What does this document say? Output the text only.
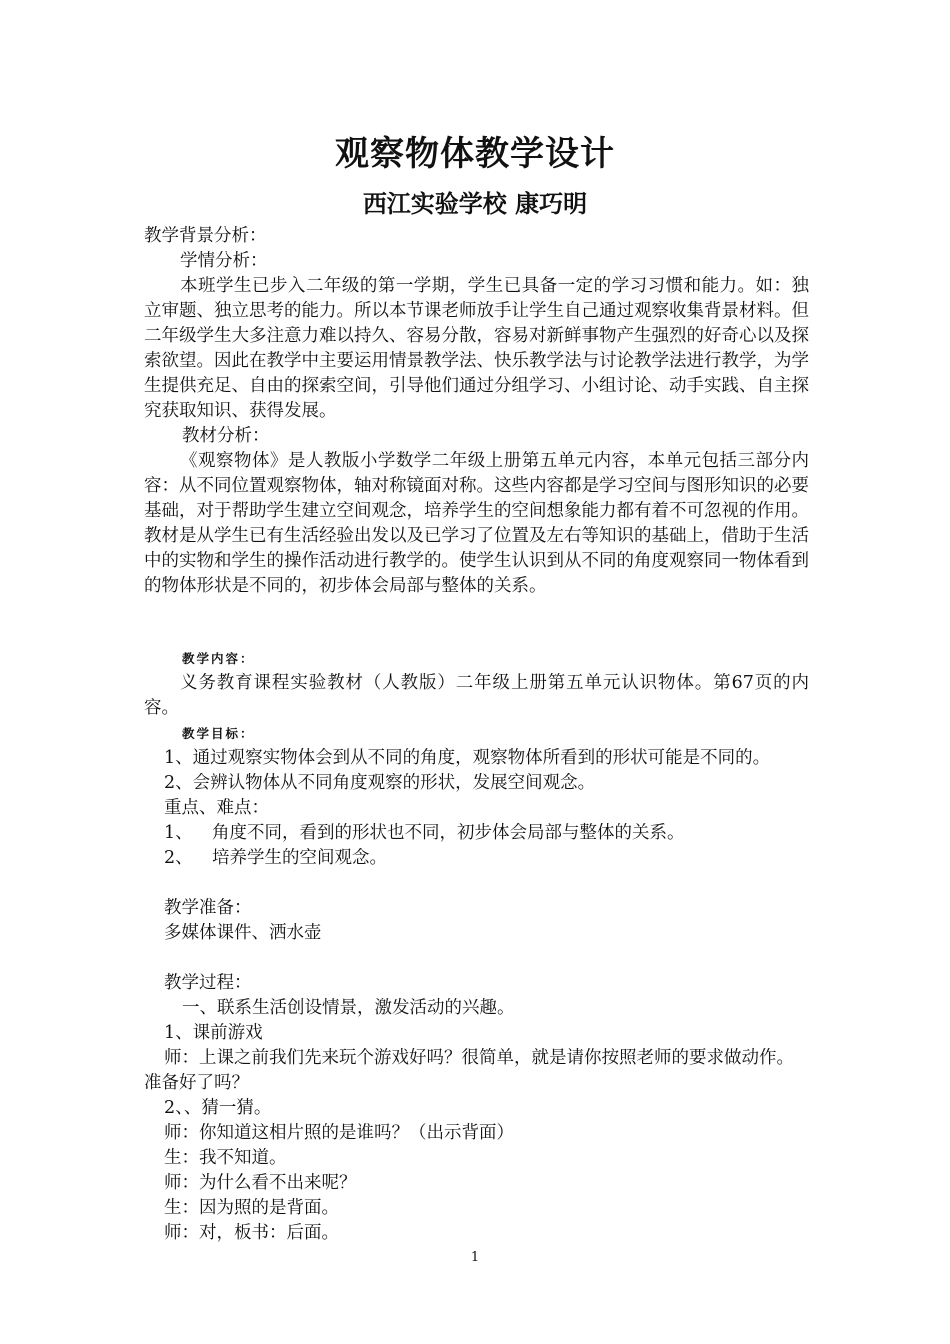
观察物体教学设计
西江实验学校 康巧明

教学背景分析：

学情分析：

本班学生已步入二年级的第一学期，学生已具备一定的学习习惯和能力。如：独立审题、独立思考的能力。所以本节课老师放手让学生自己通过观察收集背景材料。但二年级学生大多注意力难以持久、容易分散，容易对新鲜事物产生强烈的好奇心以及探索欲望。因此在教学中主要运用情景教学法、快乐教学法与讨论教学法进行教学，为学生提供充足、自由的探索空间，引导他们通过分组学习、小组讨论、动手实践、自主探究获取知识、获得发展。

教材分析：

《观察物体》是人教版小学数学二年级上册第五单元内容，本单元包括三部分内容：从不同位置观察物体，轴对称镜面对称。这些内容都是学习空间与图形知识的必要基础，对于帮助学生建立空间观念，培养学生的空间想象能力都有着不可忽视的作用。教材是从学生已有生活经验出发以及已学习了位置及左右等知识的基础上，借助于生活中的实物和学生的操作活动进行教学的。使学生认识到从不同的角度观察同一物体看到的物体形状是不同的，初步体会局部与整体的关系。

教学内容：

义务教育课程实验教材（人教版）二年级上册第五单元认识物体。第67页的内容。

教学目标：

1、通过观察实物体会到从不同的角度，观察物体所看到的形状可能是不同的。

2、会辨认物体从不同角度观察的形状，发展空间观念。

重点、难点：

1、	角度不同，看到的形状也不同，初步体会局部与整体的关系。
2、	培养学生的空间观念。

教学准备：

多媒体课件、洒水壶

教学过程：

一、联系生活创设情景，激发活动的兴趣。

1、课前游戏

师：上课之前我们先来玩个游戏好吗？很简单，就是请你按照老师的要求做动作。准备好了吗？

2、、猜一猜。

师：你知道这相片照的是谁吗？（出示背面）

生：我不知道。

师：为什么看不出来呢？

生：因为照的是背面。

师：对，板书：后面。

1
